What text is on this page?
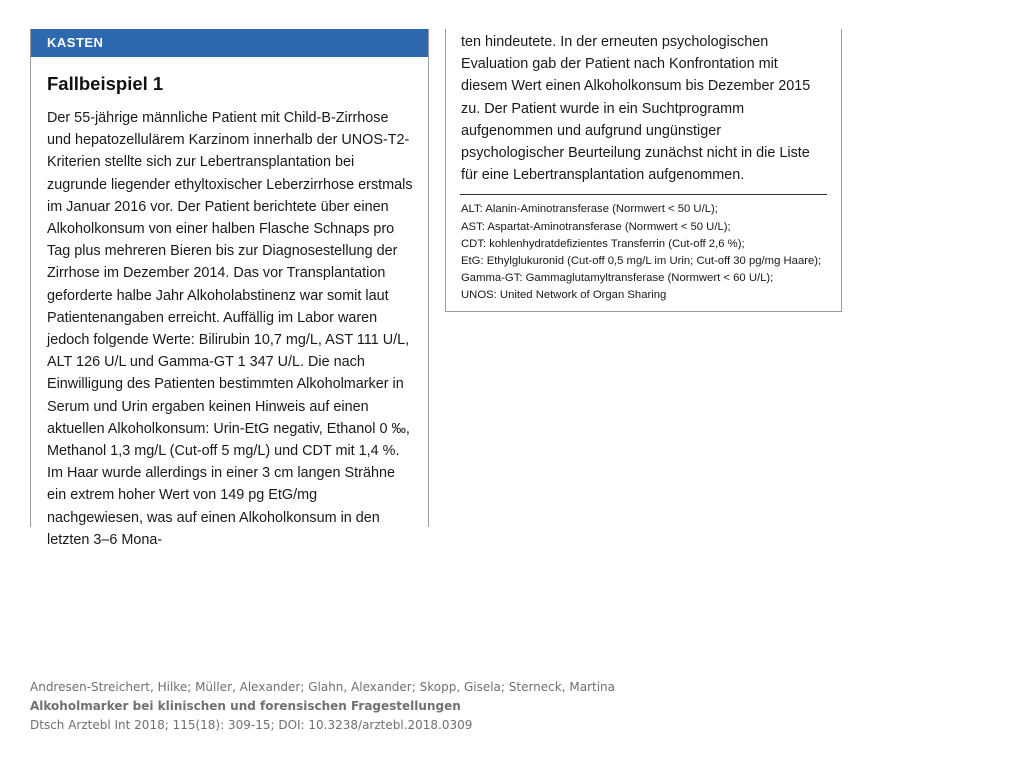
KASTEN
Fallbeispiel 1

Der 55-jährige männliche Patient mit Child-B-Zirrhose und hepatozellulärem Karzinom innerhalb der UNOS-T2-Kriterien stellte sich zur Lebertransplantation bei zugrunde liegender ethyltoxischer Leberzirrhose erstmals im Januar 2016 vor. Der Patient berichtete über einen Alkoholkonsum von einer halben Flasche Schnaps pro Tag plus mehreren Bieren bis zur Diagnosestellung der Zirrhose im Dezember 2014. Das vor Transplantation geforderte halbe Jahr Alkoholabstinenz war somit laut Patientenangaben erreicht. Auffällig im Labor waren jedoch folgende Werte: Bilirubin 10,7 mg/L, AST 111 U/L, ALT 126 U/L und Gamma-GT 1 347 U/L. Die nach Einwilligung des Patienten bestimmten Alkoholmarker in Serum und Urin ergaben keinen Hinweis auf einen aktuellen Alkoholkonsum: Urin-EtG negativ, Ethanol 0 ‰, Methanol 1,3 mg/L (Cut-off 5 mg/L) und CDT mit 1,4 %. Im Haar wurde allerdings in einer 3 cm langen Strähne ein extrem hoher Wert von 149 pg EtG/mg nachgewiesen, was auf einen Alkoholkonsum in den letzten 3–6 Mona-

ten hindeutete. In der erneuten psychologischen Evaluation gab der Patient nach Konfrontation mit diesem Wert einen Alkoholkonsum bis Dezember 2015 zu. Der Patient wurde in ein Suchtprogramm aufgenommen und aufgrund ungünstiger psychologischer Beurteilung zunächst nicht in die Liste für eine Lebertransplantation aufgenommen.

ALT: Alanin-Aminotransferase (Normwert < 50 U/L);
AST: Aspartat-Aminotransferase (Normwert < 50 U/L);
CDT: kohlenhydratdefizientes Transferrin (Cut-off 2,6 %);
EtG: Ethylglukuronid (Cut-off 0,5 mg/L im Urin; Cut-off 30 pg/mg Haare);
Gamma-GT: Gammaglutamyltransferase (Normwert < 60 U/L);
UNOS: United Network of Organ Sharing
Andresen-Streichert, Hilke; Müller, Alexander; Glahn, Alexander; Skopp, Gisela; Sterneck, Martina
Alkoholmarker bei klinischen und forensischen Fragestellungen
Dtsch Arztebl Int 2018; 115(18): 309-15; DOI: 10.3238/arztebl.2018.0309
